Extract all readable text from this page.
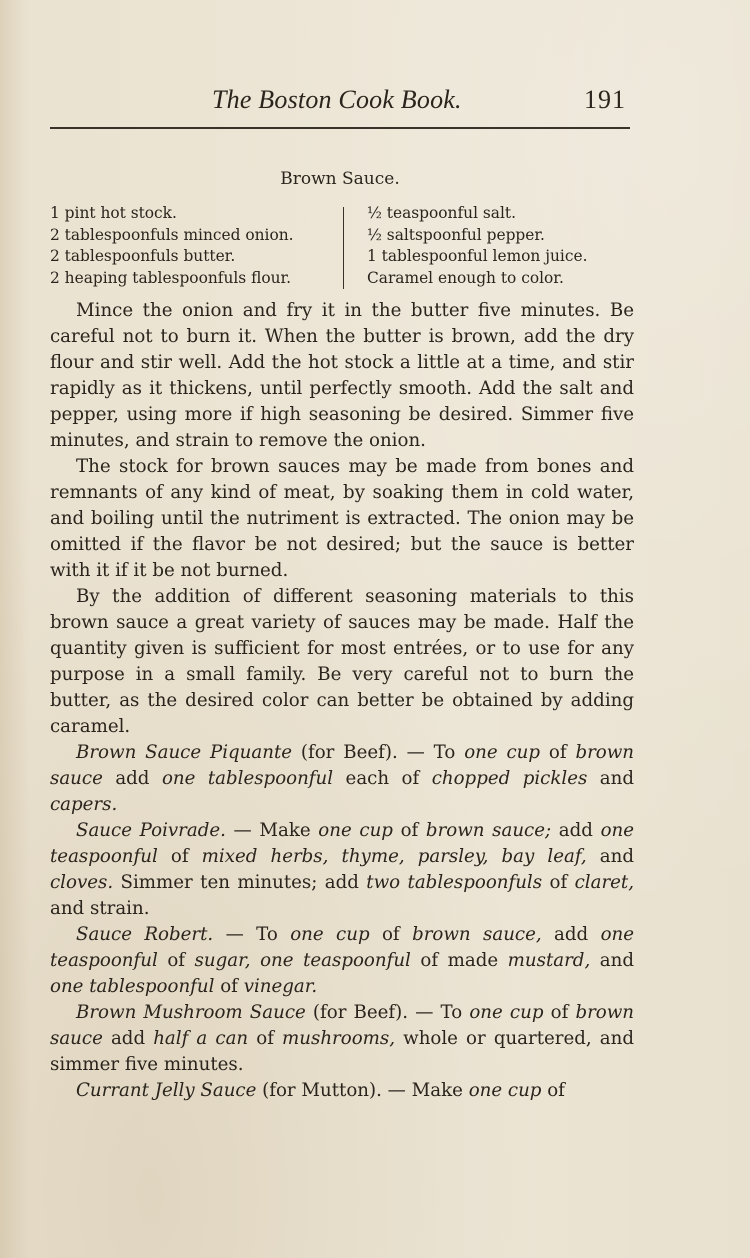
The Boston Cook Book.	191
Brown Sauce.
1 pint hot stock.
2 tablespoonfuls minced onion.
2 tablespoonfuls butter.
2 heaping tablespoonfuls flour.
½ teaspoonful salt.
½ saltspoonful pepper.
1 tablespoonful lemon juice.
Caramel enough to color.

Mince the onion and fry it in the butter five minutes. Be careful not to burn it. When the butter is brown, add the dry flour and stir well. Add the hot stock a little at a time, and stir rapidly as it thickens, until perfectly smooth. Add the salt and pepper, using more if high seasoning be desired. Simmer five minutes, and strain to remove the onion.

The stock for brown sauces may be made from bones and remnants of any kind of meat, by soaking them in cold water, and boiling until the nutriment is extracted. The onion may be omitted if the flavor be not desired; but the sauce is better with it if it be not burned.

By the addition of different seasoning materials to this brown sauce a great variety of sauces may be made. Half the quantity given is sufficient for most entrées, or to use for any purpose in a small family. Be very careful not to burn the butter, as the desired color can better be obtained by adding caramel.

Brown Sauce Piquante (for Beef). — To one cup of brown sauce add one tablespoonful each of chopped pickles and capers.

Sauce Poivrade. — Make one cup of brown sauce; add one teaspoonful of mixed herbs, thyme, parsley, bay leaf, and cloves. Simmer ten minutes; add two tablespoonfuls of claret, and strain.

Sauce Robert. — To one cup of brown sauce, add one teaspoonful of sugar, one teaspoonful of made mustard, and one tablespoonful of vinegar.

Brown Mushroom Sauce (for Beef). — To one cup of brown sauce add half a can of mushrooms, whole or quartered, and simmer five minutes.

Currant Jelly Sauce (for Mutton). — Make one cup of
